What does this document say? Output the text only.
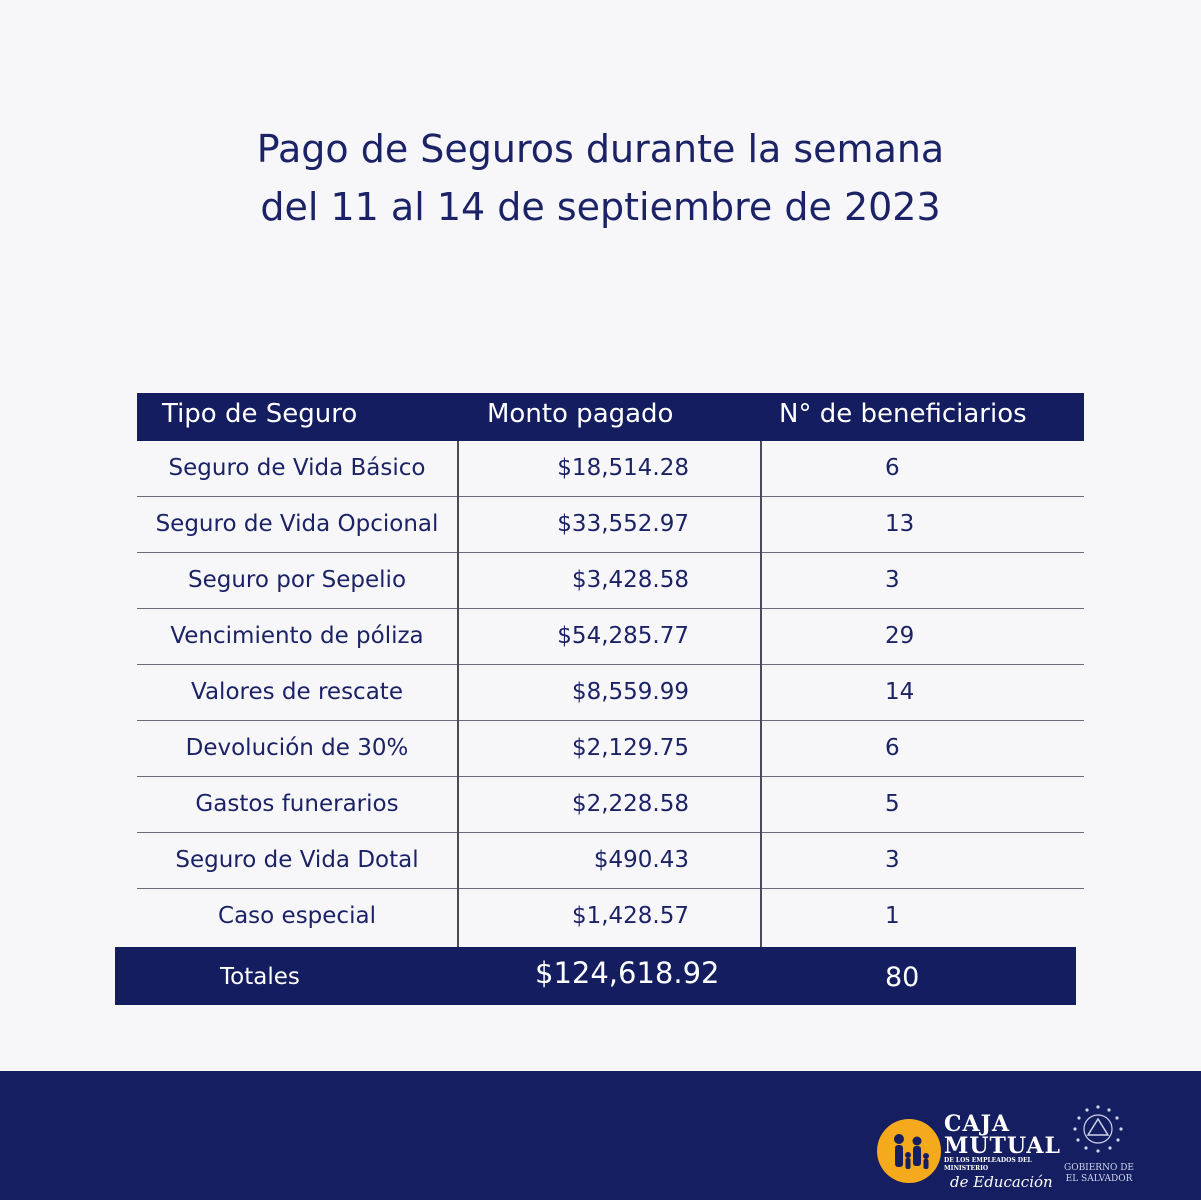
Pago de Seguros durante la semana
del 11 al 14 de septiembre de 2023
Tipo de Seguro	Monto pagado	N° de beneficiarios
Seguro de Vida Básico	$18,514.28	6
Seguro de Vida Opcional	$33,552.97	13
Seguro por Sepelio	$3,428.58	3
Vencimiento de póliza	$54,285.77	29
Valores de rescate	$8,559.99	14
Devolución de 30%	$2,129.75	6
Gastos funerarios	$2,228.58	5
Seguro de Vida Dotal	$490.43	3
Caso especial	$1,428.57	1
Totales	$124,618.92	80
CAJA
MUTUAL
DE LOS EMPLEADOS DEL MINISTERIO
de Educación
GOBIERNO DE
EL SALVADOR
